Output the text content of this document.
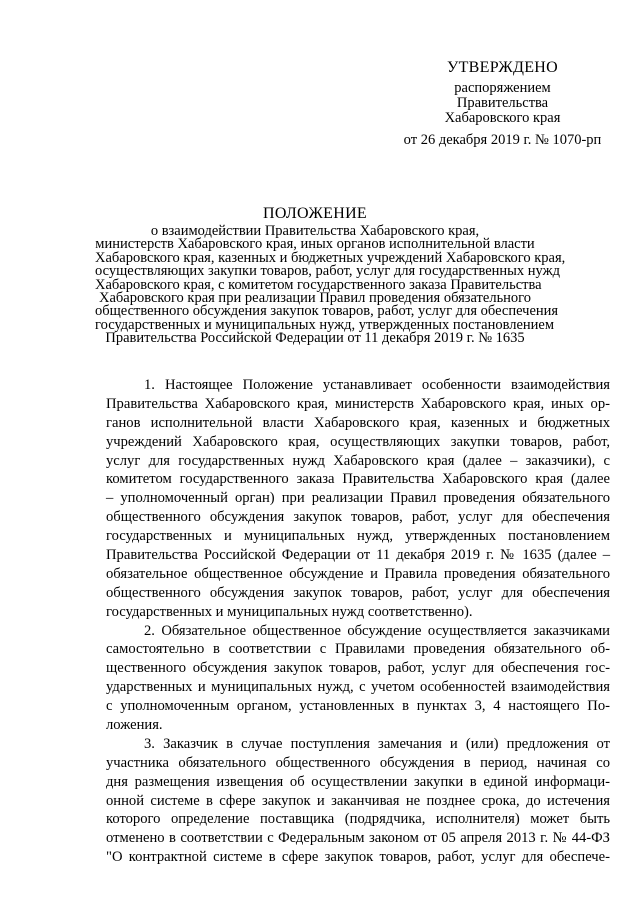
УТВЕРЖДЕНО
распоряжением
Правительства
Хабаровского края
от 26 декабря 2019 г. № 1070-рп
ПОЛОЖЕНИЕ
о взаимодействии Правительства Хабаровского края,
министерств Хабаровского края, иных органов исполнительной власти
Хабаровского края, казенных и бюджетных учреждений Хабаровского края,
осуществляющих закупки товаров, работ, услуг для государственных нужд
Хабаровского края, с комитетом государственного заказа Правительства
Хабаровского края при реализации Правил проведения обязательного
общественного обсуждения закупок товаров, работ, услуг для обеспечения
государственных и муниципальных нужд, утвержденных постановлением
Правительства Российской Федерации от 11 декабря 2019 г. № 1635
1. Настоящее Положение устанавливает особенности взаимодействия
Правительства Хабаровского края, министерств Хабаровского края, иных ор-
ганов исполнительной власти Хабаровского края, казенных и бюджетных
учреждений Хабаровского края, осуществляющих закупки товаров, работ,
услуг для государственных нужд Хабаровского края (далее – заказчики), с
комитетом государственного заказа Правительства Хабаровского края (далее
– уполномоченный орган) при реализации Правил проведения обязательного
общественного обсуждения закупок товаров, работ, услуг для обеспечения
государственных и муниципальных нужд, утвержденных постановлением
Правительства Российской Федерации от 11 декабря 2019 г. № 1635 (далее –
обязательное общественное обсуждение и Правила проведения обязательного
общественного обсуждения закупок товаров, работ, услуг для обеспечения
государственных и муниципальных нужд соответственно).
2. Обязательное общественное обсуждение осуществляется заказчиками
самостоятельно в соответствии с Правилами проведения обязательного об-
щественного обсуждения закупок товаров, работ, услуг для обеспечения гос-
ударственных и муниципальных нужд, с учетом особенностей взаимодействия
с уполномоченным органом, установленных в пунктах 3, 4 настоящего По-
ложения.
3. Заказчик в случае поступления замечания и (или) предложения от
участника обязательного общественного обсуждения в период, начиная со
дня размещения извещения об осуществлении закупки в единой информаци-
онной системе в сфере закупок и заканчивая не позднее срока, до истечения
которого определение поставщика (подрядчика, исполнителя) может быть
отменено в соответствии с Федеральным законом от 05 апреля 2013 г. № 44-ФЗ
"О контрактной системе в сфере закупок товаров, работ, услуг для обеспече-
